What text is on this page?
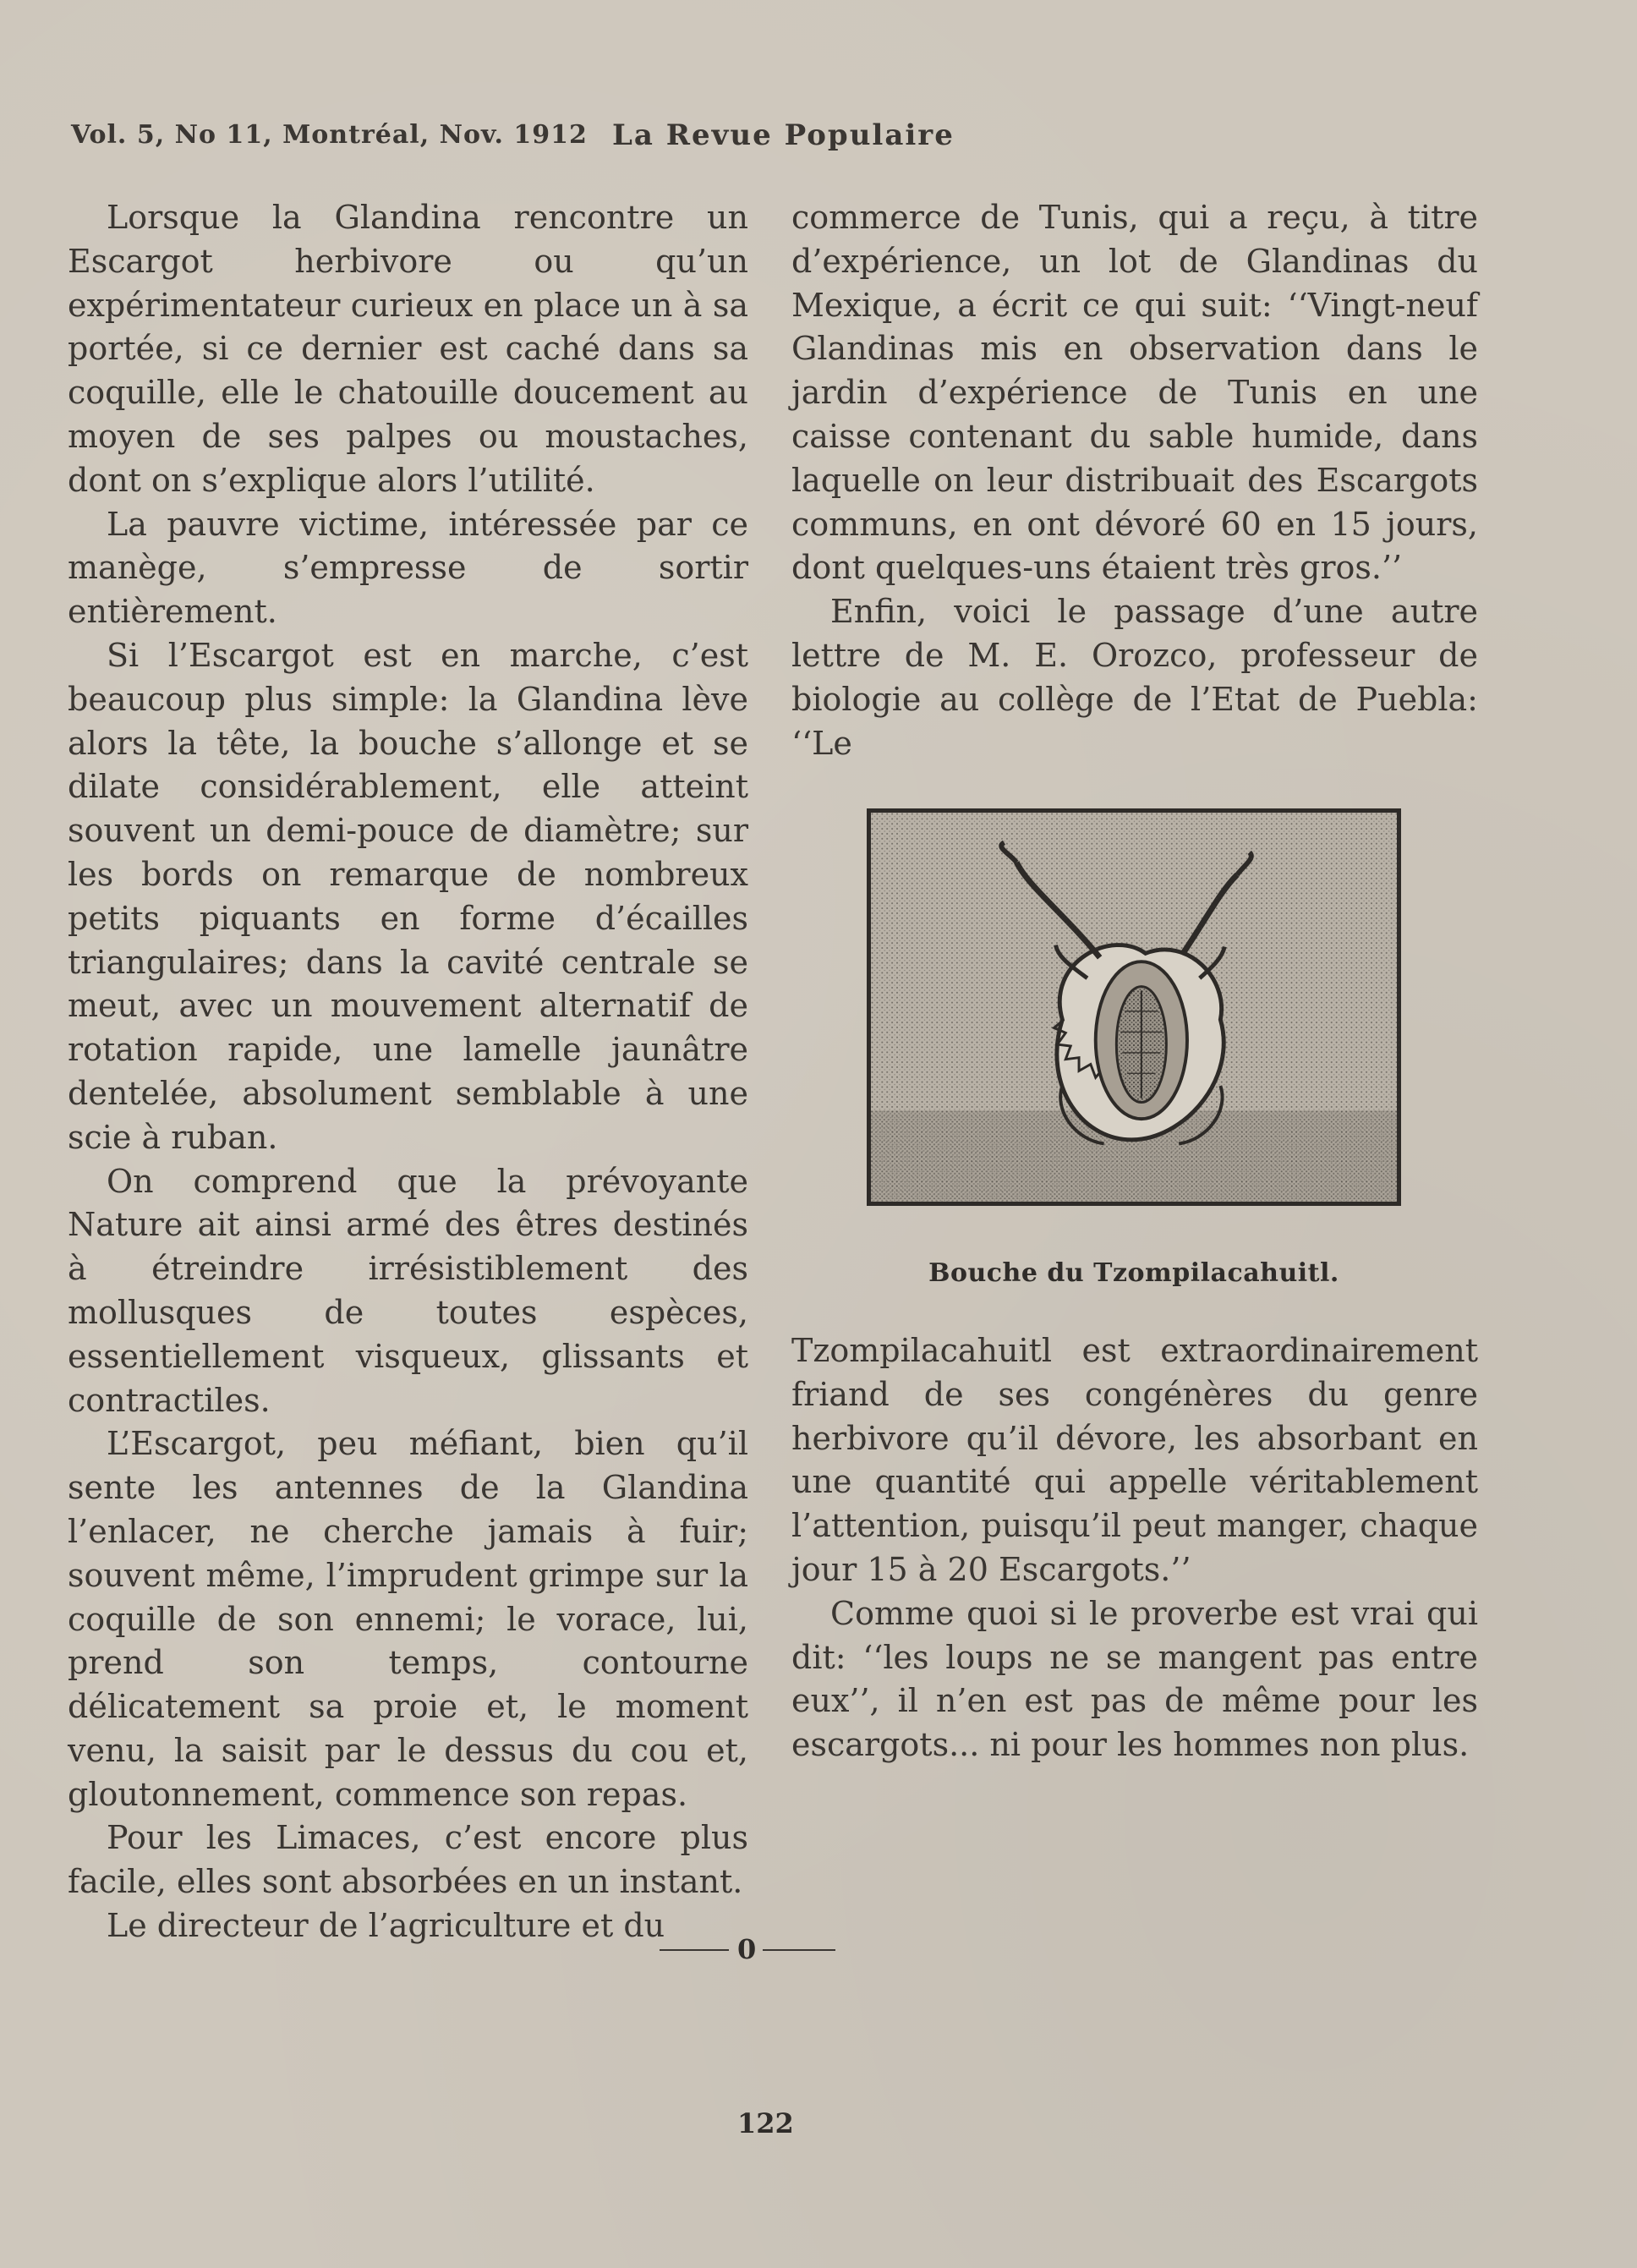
Vol. 5, No 11, Montréal, Nov. 1912 La Revue Populaire

Lorsque la Glandina rencontre un Escargot herbivore ou qu’un expérimentateur curieux en place un à sa portée, si ce dernier est caché dans sa coquille, elle le chatouille doucement au moyen de ses palpes ou moustaches, dont on s’explique alors l’utilité.

La pauvre victime, intéressée par ce manège, s’empresse de sortir entièrement.

Si l’Escargot est en marche, c’est beaucoup plus simple: la Glandina lève alors la tête, la bouche s’allonge et se dilate considérablement, elle atteint souvent un demi-pouce de diamètre; sur les bords on remarque de nombreux petits piquants en forme d’écailles triangulaires; dans la cavité centrale se meut, avec un mouvement alternatif de rotation rapide, une lamelle jaunâtre dentelée, absolument semblable à une scie à ruban.

On comprend que la prévoyante Nature ait ainsi armé des êtres destinés à étreindre irrésistiblement des mollusques de toutes espèces, essentiellement visqueux, glissants et contractiles.

L’Escargot, peu méfiant, bien qu’il sente les antennes de la Glandina l’enlacer, ne cherche jamais à fuir; souvent même, l’imprudent grimpe sur la coquille de son ennemi; le vorace, lui, prend son temps, contourne délicatement sa proie et, le moment venu, la saisit par le dessus du cou et, gloutonnement, commence son repas.

Pour les Limaces, c’est encore plus facile, elles sont absorbées en un instant.

Le directeur de l’agriculture et du

commerce de Tunis, qui a reçu, à titre d’expérience, un lot de Glandinas du Mexique, a écrit ce qui suit: ‘‘Vingt-neuf Glandinas mis en observation dans le jardin d’expérience de Tunis en une caisse contenant du sable humide, dans laquelle on leur distribuait des Escargots communs, en ont dévoré 60 en 15 jours, dont quelques-uns étaient très gros.’’

Enfin, voici le passage d’une autre lettre de M. E. Orozco, professeur de biologie au collège de l’Etat de Puebla: ‘‘Le

Bouche du Tzompilacahuitl.

Tzompilacahuitl est extraordinairement friand de ses congénères du genre herbivore qu’il dévore, les absorbant en une quantité qui appelle véritablement l’attention, puisqu’il peut manger, chaque jour 15 à 20 Escargots.’’

Comme quoi si le proverbe est vrai qui dit: ‘‘les loups ne se mangent pas entre eux’’, il n’en est pas de même pour les escargots... ni pour les hommes non plus.

0
122
